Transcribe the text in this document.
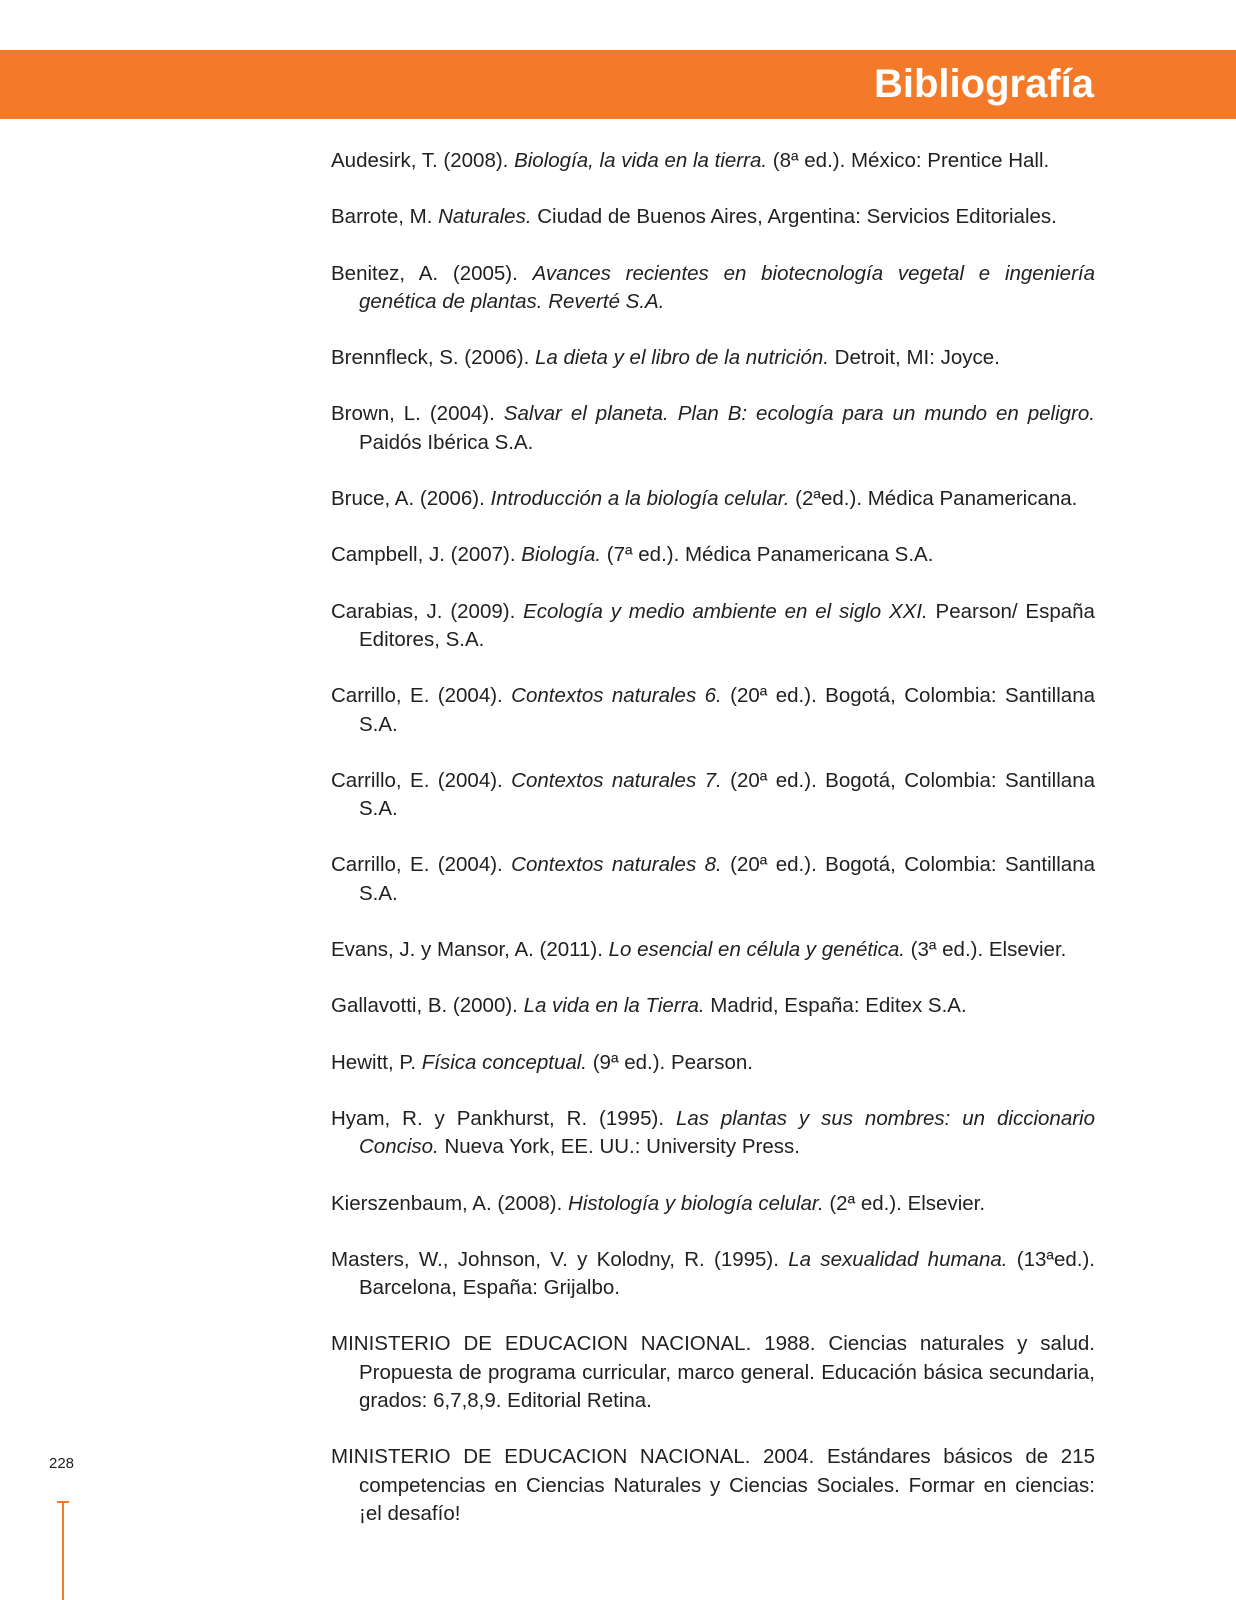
Bibliografía

Audesirk, T. (2008). Biología, la vida en la tierra. (8ª ed.). México: Prentice Hall.

Barrote, M. Naturales. Ciudad de Buenos Aires, Argentina: Servicios Editoriales.

Benitez, A. (2005). Avances recientes en biotecnología vegetal e ingeniería genética de plantas. Reverté S.A.

Brennfleck, S. (2006). La dieta y el libro de la nutrición. Detroit, MI: Joyce.

Brown, L. (2004). Salvar el planeta. Plan B: ecología para un mundo en peligro. Paidós Ibérica S.A.

Bruce, A. (2006). Introducción a la biología celular. (2ªed.). Médica Panamericana.

Campbell, J. (2007). Biología. (7ª ed.). Médica Panamericana S.A.

Carabias, J. (2009). Ecología y medio ambiente en el siglo XXI. Pearson/ España Editores, S.A.

Carrillo, E. (2004). Contextos naturales 6. (20ª ed.). Bogotá, Colombia: Santillana S.A.

Carrillo, E. (2004). Contextos naturales 7. (20ª ed.). Bogotá, Colombia: Santillana S.A.

Carrillo, E. (2004). Contextos naturales 8. (20ª ed.). Bogotá, Colombia: Santillana S.A.

Evans, J. y Mansor, A. (2011). Lo esencial en célula y genética. (3ª ed.). Elsevier.

Gallavotti, B. (2000). La vida en la Tierra. Madrid, España: Editex S.A.

Hewitt, P. Física conceptual. (9ª ed.). Pearson.

Hyam, R. y Pankhurst, R. (1995). Las plantas y sus nombres: un diccionario Conciso. Nueva York, EE. UU.: University Press.

Kierszenbaum, A. (2008). Histología y biología celular. (2ª ed.). Elsevier.

Masters, W., Johnson, V. y Kolodny, R. (1995). La sexualidad humana. (13ªed.). Barcelona, España: Grijalbo.

MINISTERIO DE EDUCACION NACIONAL. 1988. Ciencias naturales y salud. Propuesta de programa curricular, marco general. Educación básica secundaria, grados: 6,7,8,9. Editorial Retina.

MINISTERIO DE EDUCACION NACIONAL. 2004. Estándares básicos de 215 competencias en Ciencias Naturales y Ciencias Sociales. Formar en ciencias: ¡el desafío!

228
